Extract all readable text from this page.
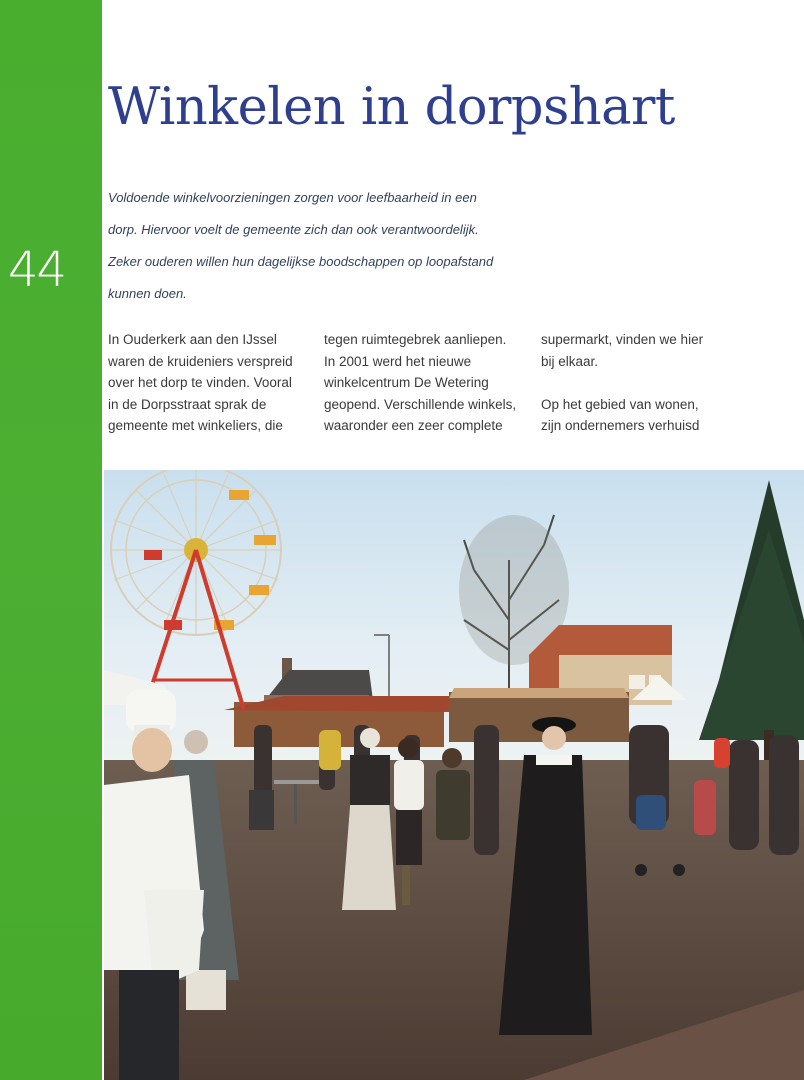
44
Winkelen in dorpshart
Voldoende winkelvoorzieningen zorgen voor leefbaarheid in een
dorp. Hiervoor voelt de gemeente zich dan ook verantwoordelijk.
Zeker ouderen willen hun dagelijkse boodschappen op loopafstand
kunnen doen.
In Ouderkerk aan den IJssel
waren de kruideniers verspreid
over het dorp te vinden. Vooral
in de Dorpsstraat sprak de
gemeente met winkeliers, die
tegen ruimtegebrek aanliepen.
In 2001 werd het nieuwe
winkelcentrum De Wetering
geopend. Verschillende winkels,
waaronder een zeer complete
supermarkt, vinden we hier
bij elkaar.
Op het gebied van wonen,
zijn ondernemers verhuisd
